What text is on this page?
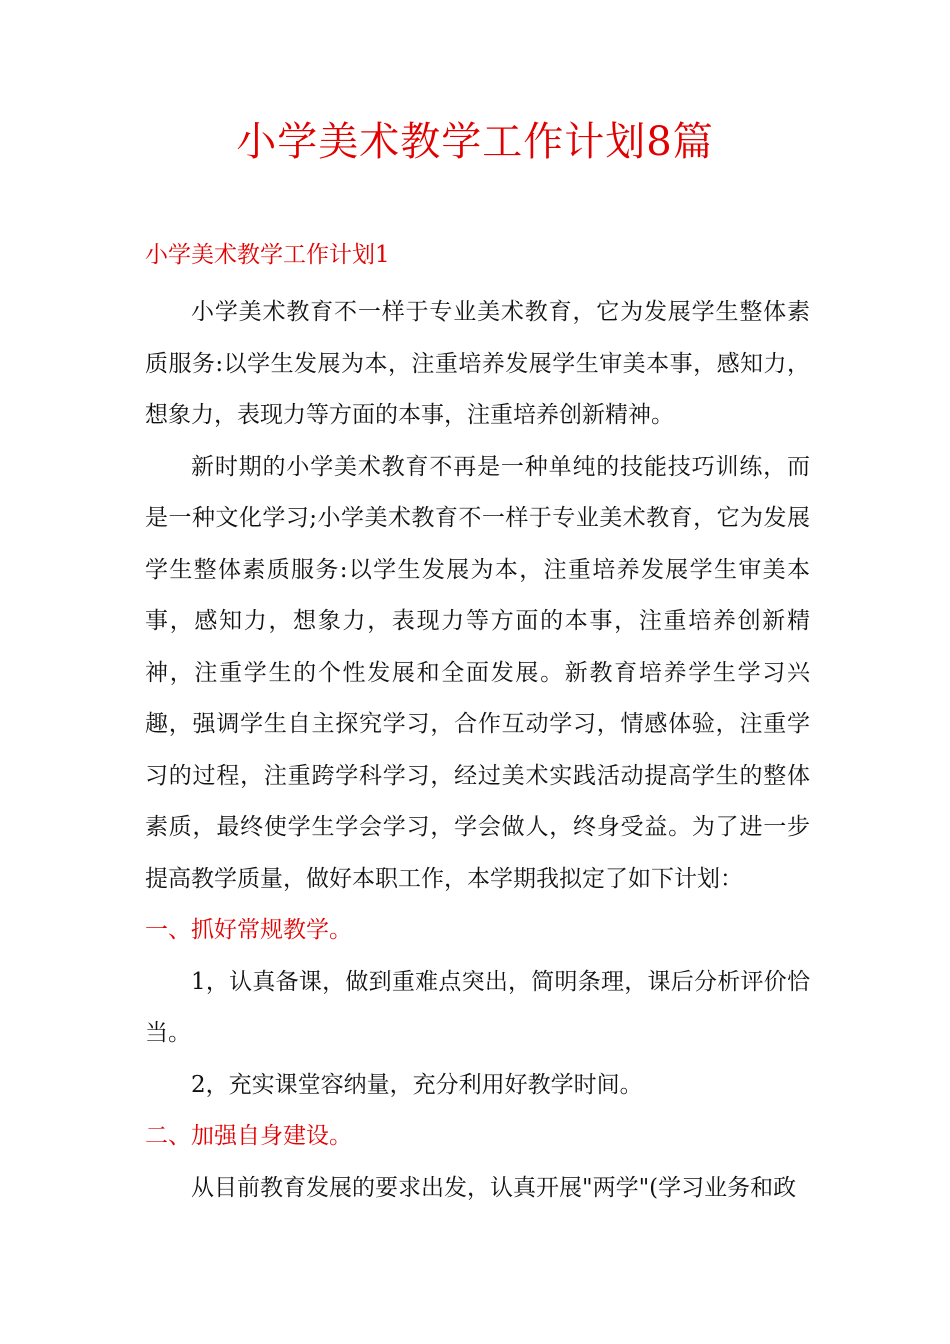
小学美术教学工作计划8篇
小学美术教学工作计划1

小学美术教育不一样于专业美术教育，它为发展学生整体素质服务:以学生发展为本，注重培养发展学生审美本事，感知力，想象力，表现力等方面的本事，注重培养创新精神。

新时期的小学美术教育不再是一种单纯的技能技巧训练，而是一种文化学习;小学美术教育不一样于专业美术教育，它为发展学生整体素质服务:以学生发展为本，注重培养发展学生审美本事，感知力，想象力，表现力等方面的本事，注重培养创新精神，注重学生的个性发展和全面发展。新教育培养学生学习兴趣，强调学生自主探究学习，合作互动学习，情感体验，注重学习的过程，注重跨学科学习，经过美术实践活动提高学生的整体素质，最终使学生学会学习，学会做人，终身受益。为了进一步提高教学质量，做好本职工作，本学期我拟定了如下计划：

一、抓好常规教学。

1，认真备课，做到重难点突出，简明条理，课后分析评价恰当。

2，充实课堂容纳量，充分利用好教学时间。

二、加强自身建设。

从目前教育发展的要求出发，认真开展"两学"(学习业务和政
